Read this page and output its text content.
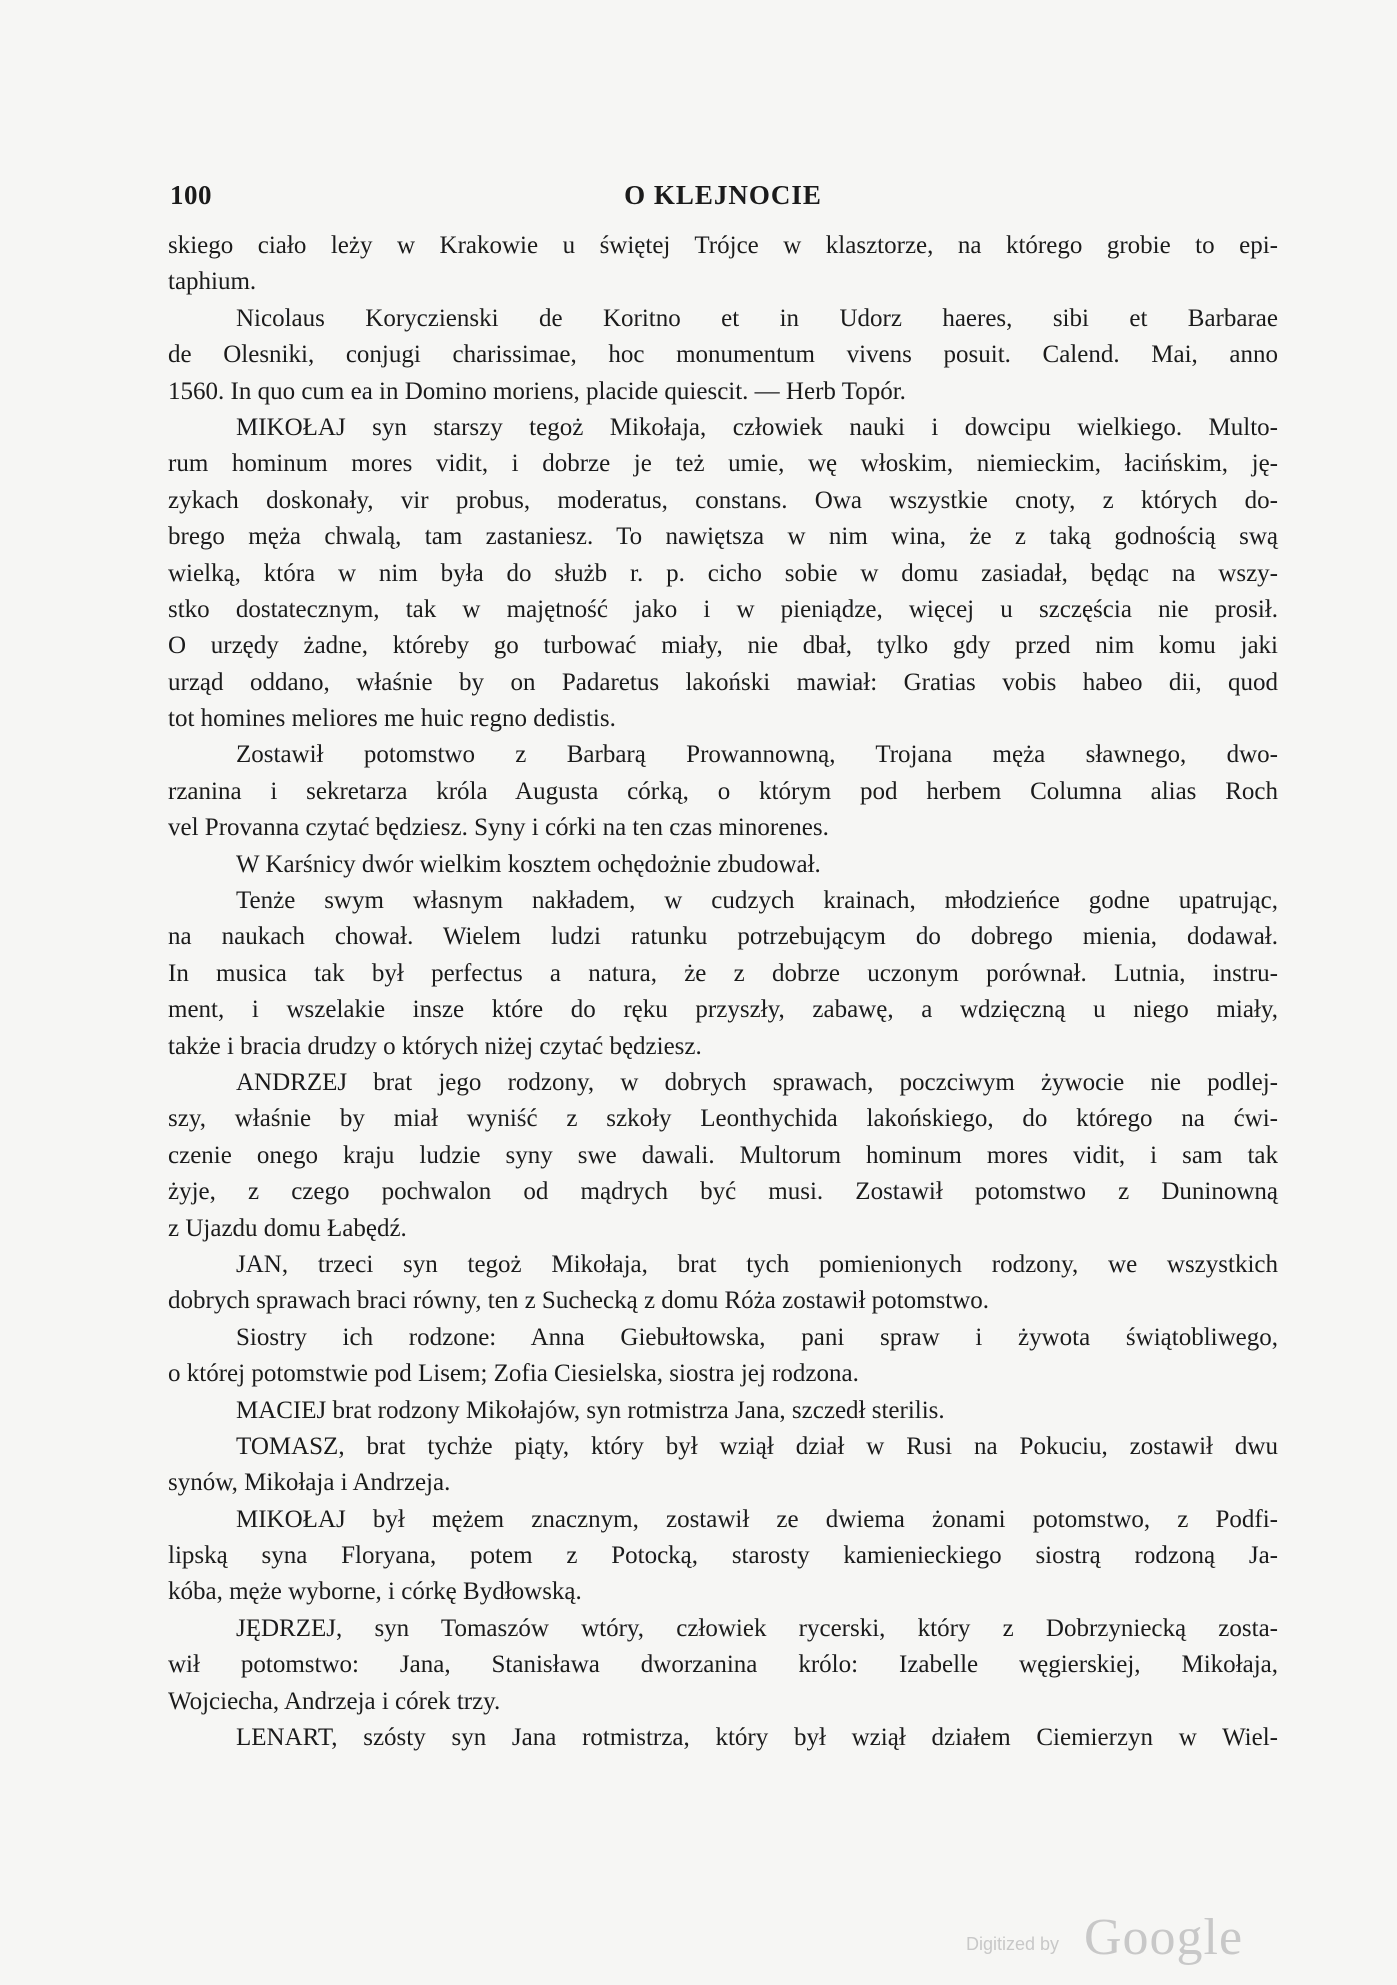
100	O KLEJNOCIE
skiego ciało leży w Krakowie u świętej Trójce w klasztorze, na którego grobie to epi-
taphium.
Nicolaus Koryczienski de Koritno et in Udorz haeres, sibi et Barbarae
de Olesniki, conjugi charissimae, hoc monumentum vivens posuit. Calend. Mai, anno
1560. In quo cum ea in Domino moriens, placide quiescit. — Herb Topór.
MIKOŁAJ syn starszy tegoż Mikołaja, człowiek nauki i dowcipu wielkiego. Multo-
rum hominum mores vidit, i dobrze je też umie, wę włoskim, niemieckim, łacińskim, ję-
zykach doskonały, vir probus, moderatus, constans. Owa wszystkie cnoty, z których do-
brego męża chwalą, tam zastaniesz. To nawiętsza w nim wina, że z taką godnością swą
wielką, która w nim była do służb r. p. cicho sobie w domu zasiadał, będąc na wszy-
stko dostatecznym, tak w majętność jako i w pieniądze, więcej u szczęścia nie prosił.
O urzędy żadne, któreby go turbować miały, nie dbał, tylko gdy przed nim komu jaki
urząd oddano, właśnie by on Padaretus lakoński mawiał: Gratias vobis habeo dii, quod
tot homines meliores me huic regno dedistis.
Zostawił potomstwo z Barbarą Prowannowną, Trojana męża sławnego, dwo-
rzanina i sekretarza króla Augusta córką, o którym pod herbem Columna alias Roch
vel Provanna czytać będziesz. Syny i córki na ten czas minorenes.
W Karśnicy dwór wielkim kosztem ochędożnie zbudował.
Tenże swym własnym nakładem, w cudzych krainach, młodzieńce godne upatrując,
na naukach chował. Wielem ludzi ratunku potrzebującym do dobrego mienia, dodawał.
In musica tak był perfectus a natura, że z dobrze uczonym porównał. Lutnia, instru-
ment, i wszelakie insze które do ręku przyszły, zabawę, a wdzięczną u niego miały,
także i bracia drudzy o których niżej czytać będziesz.
ANDRZEJ brat jego rodzony, w dobrych sprawach, poczciwym żywocie nie podlej-
szy, właśnie by miał wyniść z szkoły Leonthychida lakońskiego, do którego na ćwi-
czenie onego kraju ludzie syny swe dawali. Multorum hominum mores vidit, i sam tak
żyje, z czego pochwalon od mądrych być musi. Zostawił potomstwo z Duninowną
z Ujazdu domu Łabędź.
JAN, trzeci syn tegoż Mikołaja, brat tych pomienionych rodzony, we wszystkich
dobrych sprawach braci równy, ten z Suchecką z domu Róża zostawił potomstwo.
Siostry ich rodzone: Anna Giebułtowska, pani spraw i żywota świątobliwego,
o której potomstwie pod Lisem; Zofia Ciesielska, siostra jej rodzona.
MACIEJ brat rodzony Mikołajów, syn rotmistrza Jana, szczedł sterilis.
TOMASZ, brat tychże piąty, który był wziął dział w Rusi na Pokuciu, zostawił dwu
synów, Mikołaja i Andrzeja.
MIKOŁAJ był mężem znacznym, zostawił ze dwiema żonami potomstwo, z Podfi-
lipską syna Floryana, potem z Potocką, starosty kamienieckiego siostrą rodzoną Ja-
kóba, męże wyborne, i córkę Bydłowską.
JĘDRZEJ, syn Tomaszów wtóry, człowiek rycerski, który z Dobrzyniecką zosta-
wił potomstwo: Jana, Stanisława dworzanina królo: Izabelle węgierskiej, Mikołaja,
Wojciecha, Andrzeja i córek trzy.
LENART, szósty syn Jana rotmistrza, który był wziął działem Ciemierzyn w Wiel-
Digitized by Google
